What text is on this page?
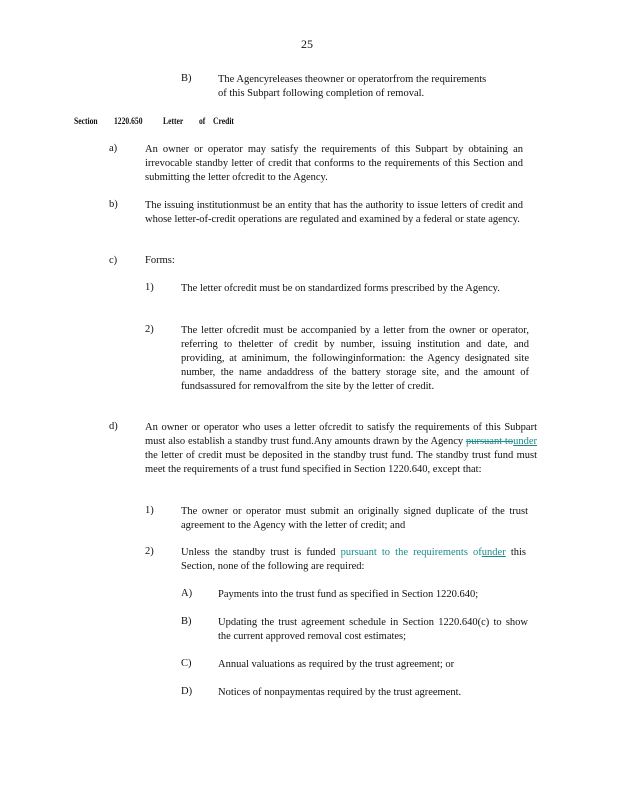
25
B)	The Agencyreleases theowner or operatorfrom the requirements
of this Subpart following completion of removal.
Section 1220.650 Letter of Credit
a)	An owner or operator may satisfy the requirements of this Subpart by obtaining an irrevocable standby letter of credit that conforms to the requirements of this Section and submitting the letter ofcredit to the Agency.
b)	The issuing institutionmust be an entity that has the authority to issue letters of credit and whose letter-of-credit operations are regulated and examined by a federal or state agency.
c)	Forms:
1)	The letter ofcredit must be on standardized forms prescribed by the Agency.
2)	The letter ofcredit must be accompanied by a letter from the owner or operator, referring to theletter of credit by number, issuing institution and date, and providing, at aminimum, the followinginformation: the Agency designated site number, the name andaddress of the battery storage site, and the amount of fundsassured for removalfrom the site by the letter of credit.
d)	An owner or operator who uses a letter ofcredit to satisfy the requirements of this Subpart must also establish a standby trust fund.Any amounts drawn by the Agency pursuant tounder the letter of credit must be deposited in the standby trust fund. The standby trust fund must meet the requirements of a trust fund specified in Section 1220.640, except that:
1)	The owner or operator must submit an originally signed duplicate of the trust agreement to the Agency with the letter of credit; and
2)	Unless the standby trust is funded pursuant to the requirements ofunder this Section, none of the following are required:
A) Payments into the trust fund as specified in Section 1220.640;
B)	Updating the trust agreement schedule in Section 1220.640(c) to show the current approved removal cost estimates;
C)	Annual valuations as required by the trust agreement; or
D) Notices of nonpaymentas required by the trust agreement.
